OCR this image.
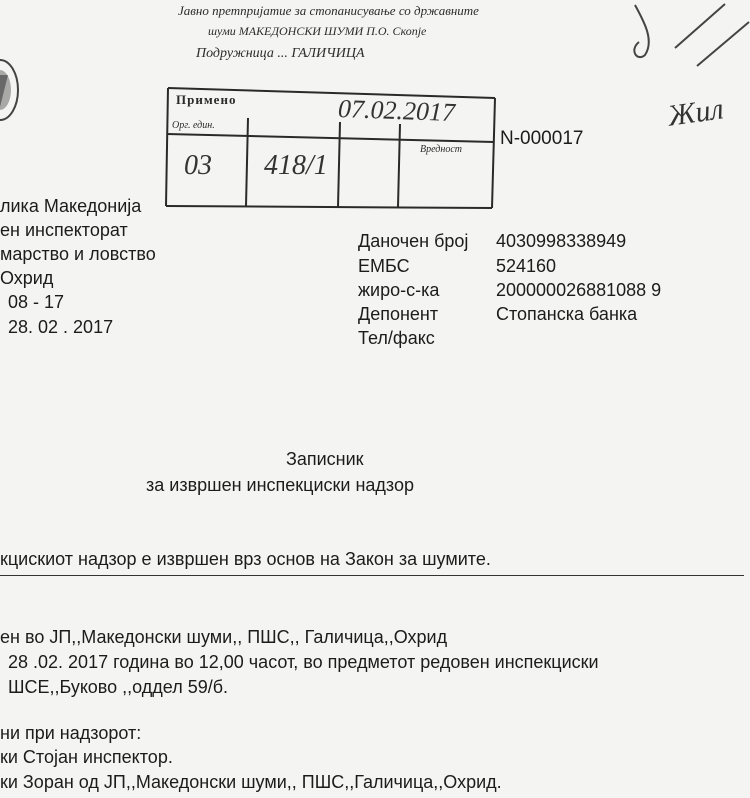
Јавно претпријатие за стопанисување со државните
шуми МАКЕДОНСКИ ШУМИ П.О. Скопје
Подружница ... ГАЛИЧИЦА
Примено
Орг. един.
Вредност
07.02.2017
03 418/1
N-000017
Жил
лика Македонија
ен инспекторат
марство и ловство
Охрид
08 - 17
28. 02 . 2017
Даночен број 4030998338949
ЕМБС	524160
жиро-с-ка	200000026881088 9
Депонент	Стопанска банка
Тел/факс
Записник
за извршен инспекциски надзор
кцискиот надзор е извршен врз основ на Закон за шумите.
ен во ЈП,,Македонски шуми,, ПШС,, Галичица,,Охрид
28 .02. 2017 година во 12,00 часот, во предметот редовен инспекциски
ШСЕ,,Букoво ,,оддел 59/б.
ни при надзорот:
ки Стојан инспектор.
ки Зоран од ЈП,,Македонски шуми,, ПШС,,Галичица,,Охрид.
